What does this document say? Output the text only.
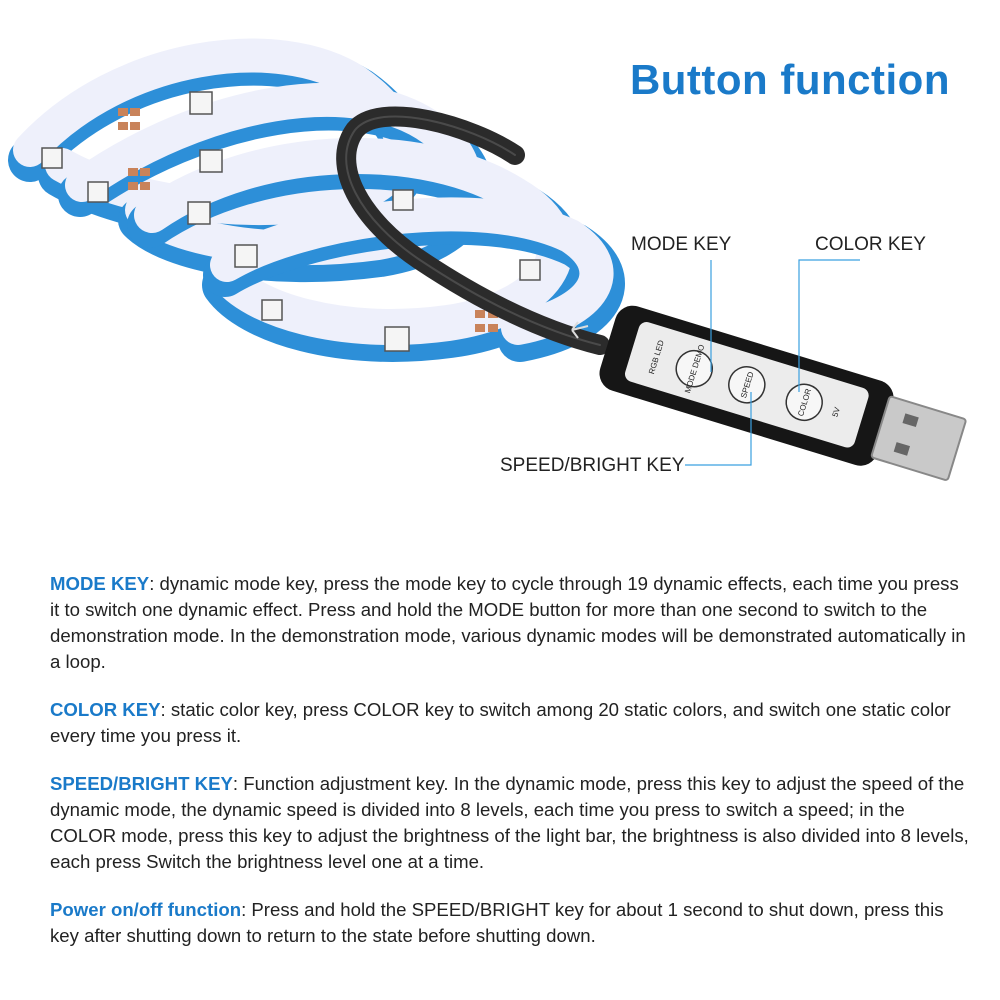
Button function
RGB LED MODE DEMO	SPEED
COLOR 5V
MODE KEY	COLOR KEY
SPEED/BRIGHT KEY

MODE KEY: dynamic mode key, press the mode key to cycle through 19 dynamic effects, each time you press it to switch one dynamic effect. Press and hold the MODE button for more than one second to switch to the demonstration mode. In the demonstration mode, various dynamic modes will be demonstrated automatically in a loop.

COLOR KEY: static color key, press COLOR key to switch among 20 static colors, and switch one static color every time you press it.

SPEED/BRIGHT KEY: Function adjustment key. In the dynamic mode, press this key to adjust the speed of the dynamic mode, the dynamic speed is divided into 8 levels, each time you press to switch a speed; in the COLOR mode, press this key to adjust the brightness of the light bar, the brightness is also divided into 8 levels, each press Switch the brightness level one at a time.

Power on/off function: Press and hold the SPEED/BRIGHT key for about 1 second to shut down, press this key after shutting down to return to the state before shutting down.
